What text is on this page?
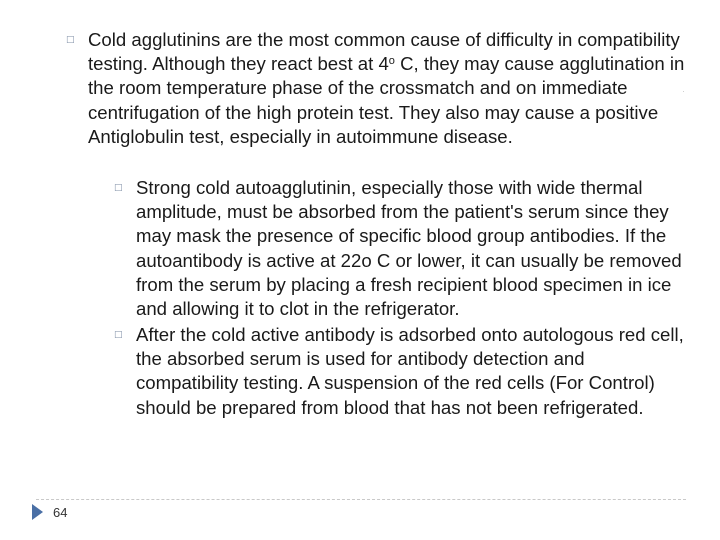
□ Cold agglutinins are the most common cause of difficulty in compatibility testing. Although they react best at 4$^o$ C, they may cause agglutination in the room temperature phase of the crossmatch and on immediate centrifugation of the high protein test. They also may cause a positive Antiglobulin test, especially in autoimmune disease.

□ Strong cold autoagglutinin, especially those with wide thermal amplitude, must be absorbed from the patient's serum since they may mask the presence of specific blood group antibodies. If the autoantibody is active at 22o C or lower, it can usually be removed from the serum by placing a fresh recipient blood specimen in ice and allowing it to clot in the refrigerator.

□ After the cold active antibody is adsorbed onto autologous red cell, the absorbed serum is used for antibody detection and compatibility testing. A suspension of the red cells (For Control) should be prepared from blood that has not been refrigerated.

64
